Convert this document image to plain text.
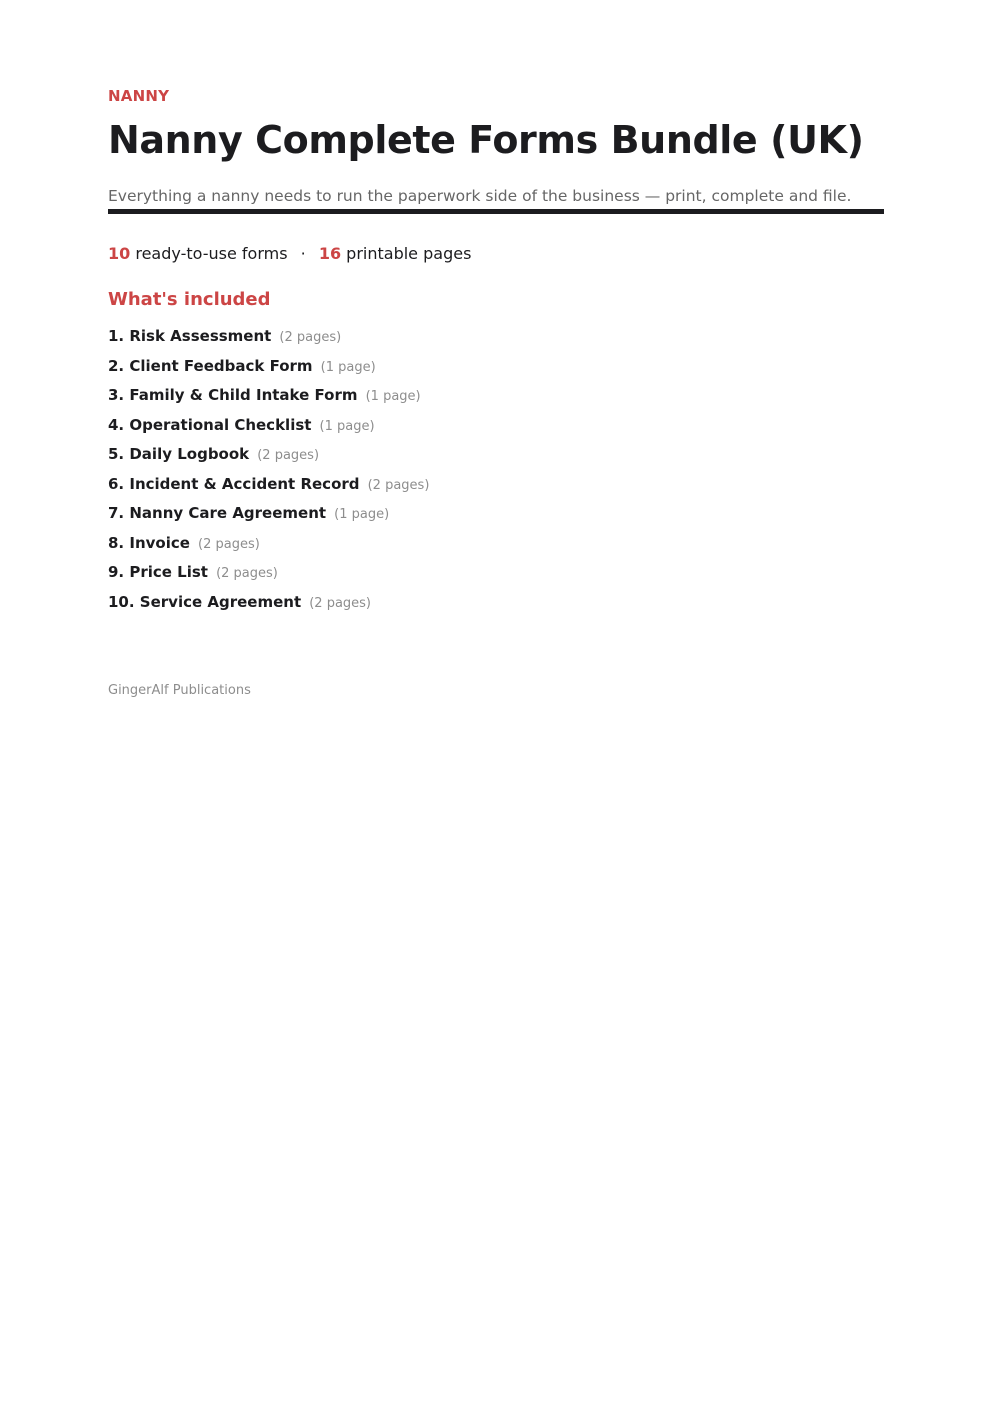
NANNY
Nanny Complete Forms Bundle (UK)
Everything a nanny needs to run the paperwork side of the business — print, complete and file.
10 ready-to-use forms · 16 printable pages
What's included
1. Risk Assessment (2 pages)
2. Client Feedback Form (1 page)
3. Family & Child Intake Form (1 page)
4. Operational Checklist (1 page)
5. Daily Logbook (2 pages)
6. Incident & Accident Record (2 pages)
7. Nanny Care Agreement (1 page)
8. Invoice (2 pages)
9. Price List (2 pages)
10. Service Agreement (2 pages)
GingerAlf Publications
